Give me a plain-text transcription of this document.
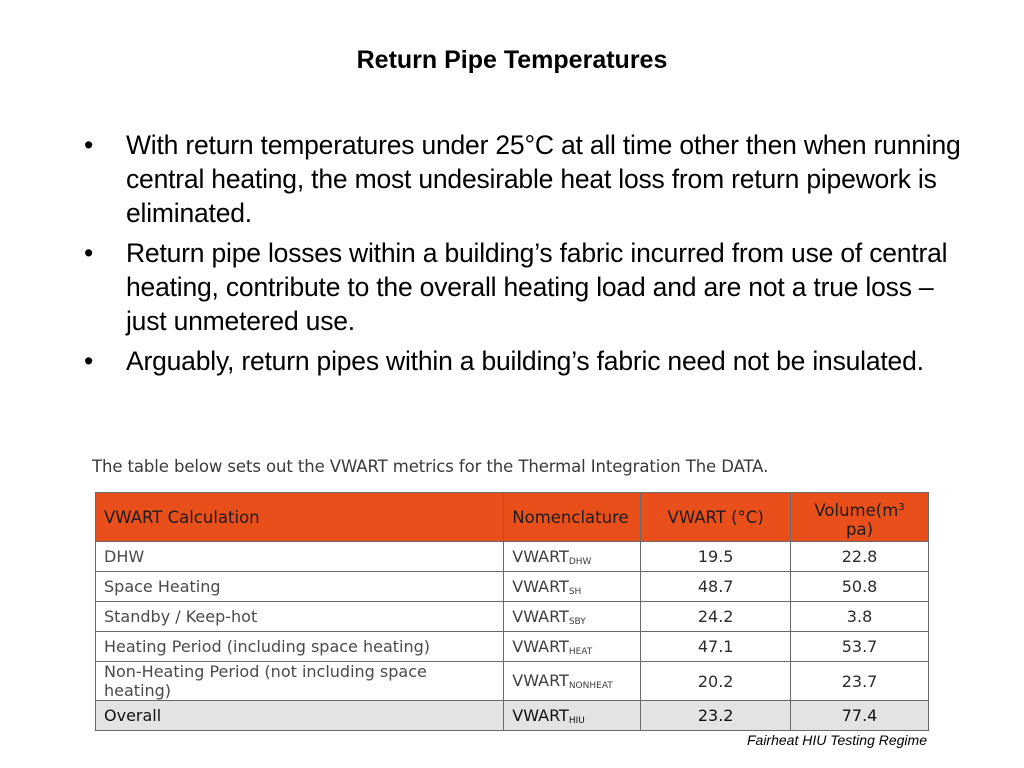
Return Pipe Temperatures
•	With return temperatures under 25°C at all time other then when running central heating, the most undesirable heat loss from return pipework is eliminated.
•	Return pipe losses within a building’s fabric incurred from use of central heating, contribute to the overall heating load and are not a true loss – just unmetered use.
•	Arguably, return pipes within a building’s fabric need not be insulated.
The table below sets out the VWART metrics for the Thermal Integration The DATA.
VWART Calculation	Nomenclature	VWART (°C)	$Volume(m^3$ pa)
DHW	$VWART_{DHW}$	19.5	22.8
Space Heating	$VWART_{SH}$	48.7	50.8
Standby / Keep-hot	$VWART_{SBY}$	24.2	3.8
Heating Period (including space heating)	$VWART_{HEAT}$	47.1	53.7
Non-Heating Period (not including space heating)	$VWART_{NONHEAT}$	20.2	23.7
Overall	$VWART_{HIU}$	23.2	77.4
Fairheat HIU Testing Regime
